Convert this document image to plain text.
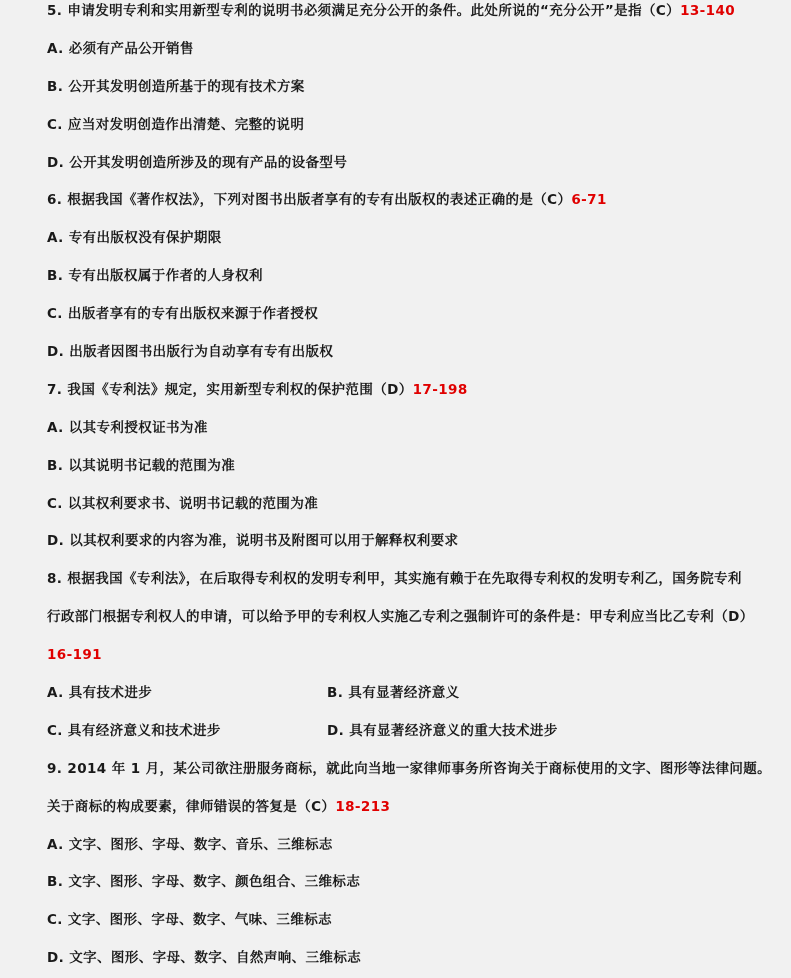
5. 申请发明专利和实用新型专利的说明书必须满足充分公开的条件。此处所说的“充分公开”是指（C）13-140
A. 必须有产品公开销售
B. 公开其发明创造所基于的现有技术方案
C. 应当对发明创造作出清楚、完整的说明
D. 公开其发明创造所涉及的现有产品的设备型号
6. 根据我国《著作权法》，下列对图书出版者享有的专有出版权的表述正确的是（C）6-71
A. 专有出版权没有保护期限
B. 专有出版权属于作者的人身权利
C. 出版者享有的专有出版权来源于作者授权
D. 出版者因图书出版行为自动享有专有出版权
7. 我国《专利法》规定，实用新型专利权的保护范围（D）17-198
A. 以其专利授权证书为准
B. 以其说明书记载的范围为准
C. 以其权利要求书、说明书记载的范围为准
D. 以其权利要求的内容为准，说明书及附图可以用于解释权利要求
8. 根据我国《专利法》，在后取得专利权的发明专利甲，其实施有赖于在先取得专利权的发明专利乙，国务院专利
行政部门根据专利权人的申请，可以给予甲的专利权人实施乙专利之强制许可的条件是：甲专利应当比乙专利（D）
16-191
A. 具有技术进步	B. 具有显著经济意义
C. 具有经济意义和技术进步	D. 具有显著经济意义的重大技术进步
9. 2014 年 1 月，某公司欲注册服务商标，就此向当地一家律师事务所咨询关于商标使用的文字、图形等法律问题。
关于商标的构成要素，律师错误的答复是（C）18-213
A. 文字、图形、字母、数字、音乐、三维标志
B. 文字、图形、字母、数字、颜色组合、三维标志
C. 文字、图形、字母、数字、气味、三维标志
D. 文字、图形、字母、数字、自然声响、三维标志
